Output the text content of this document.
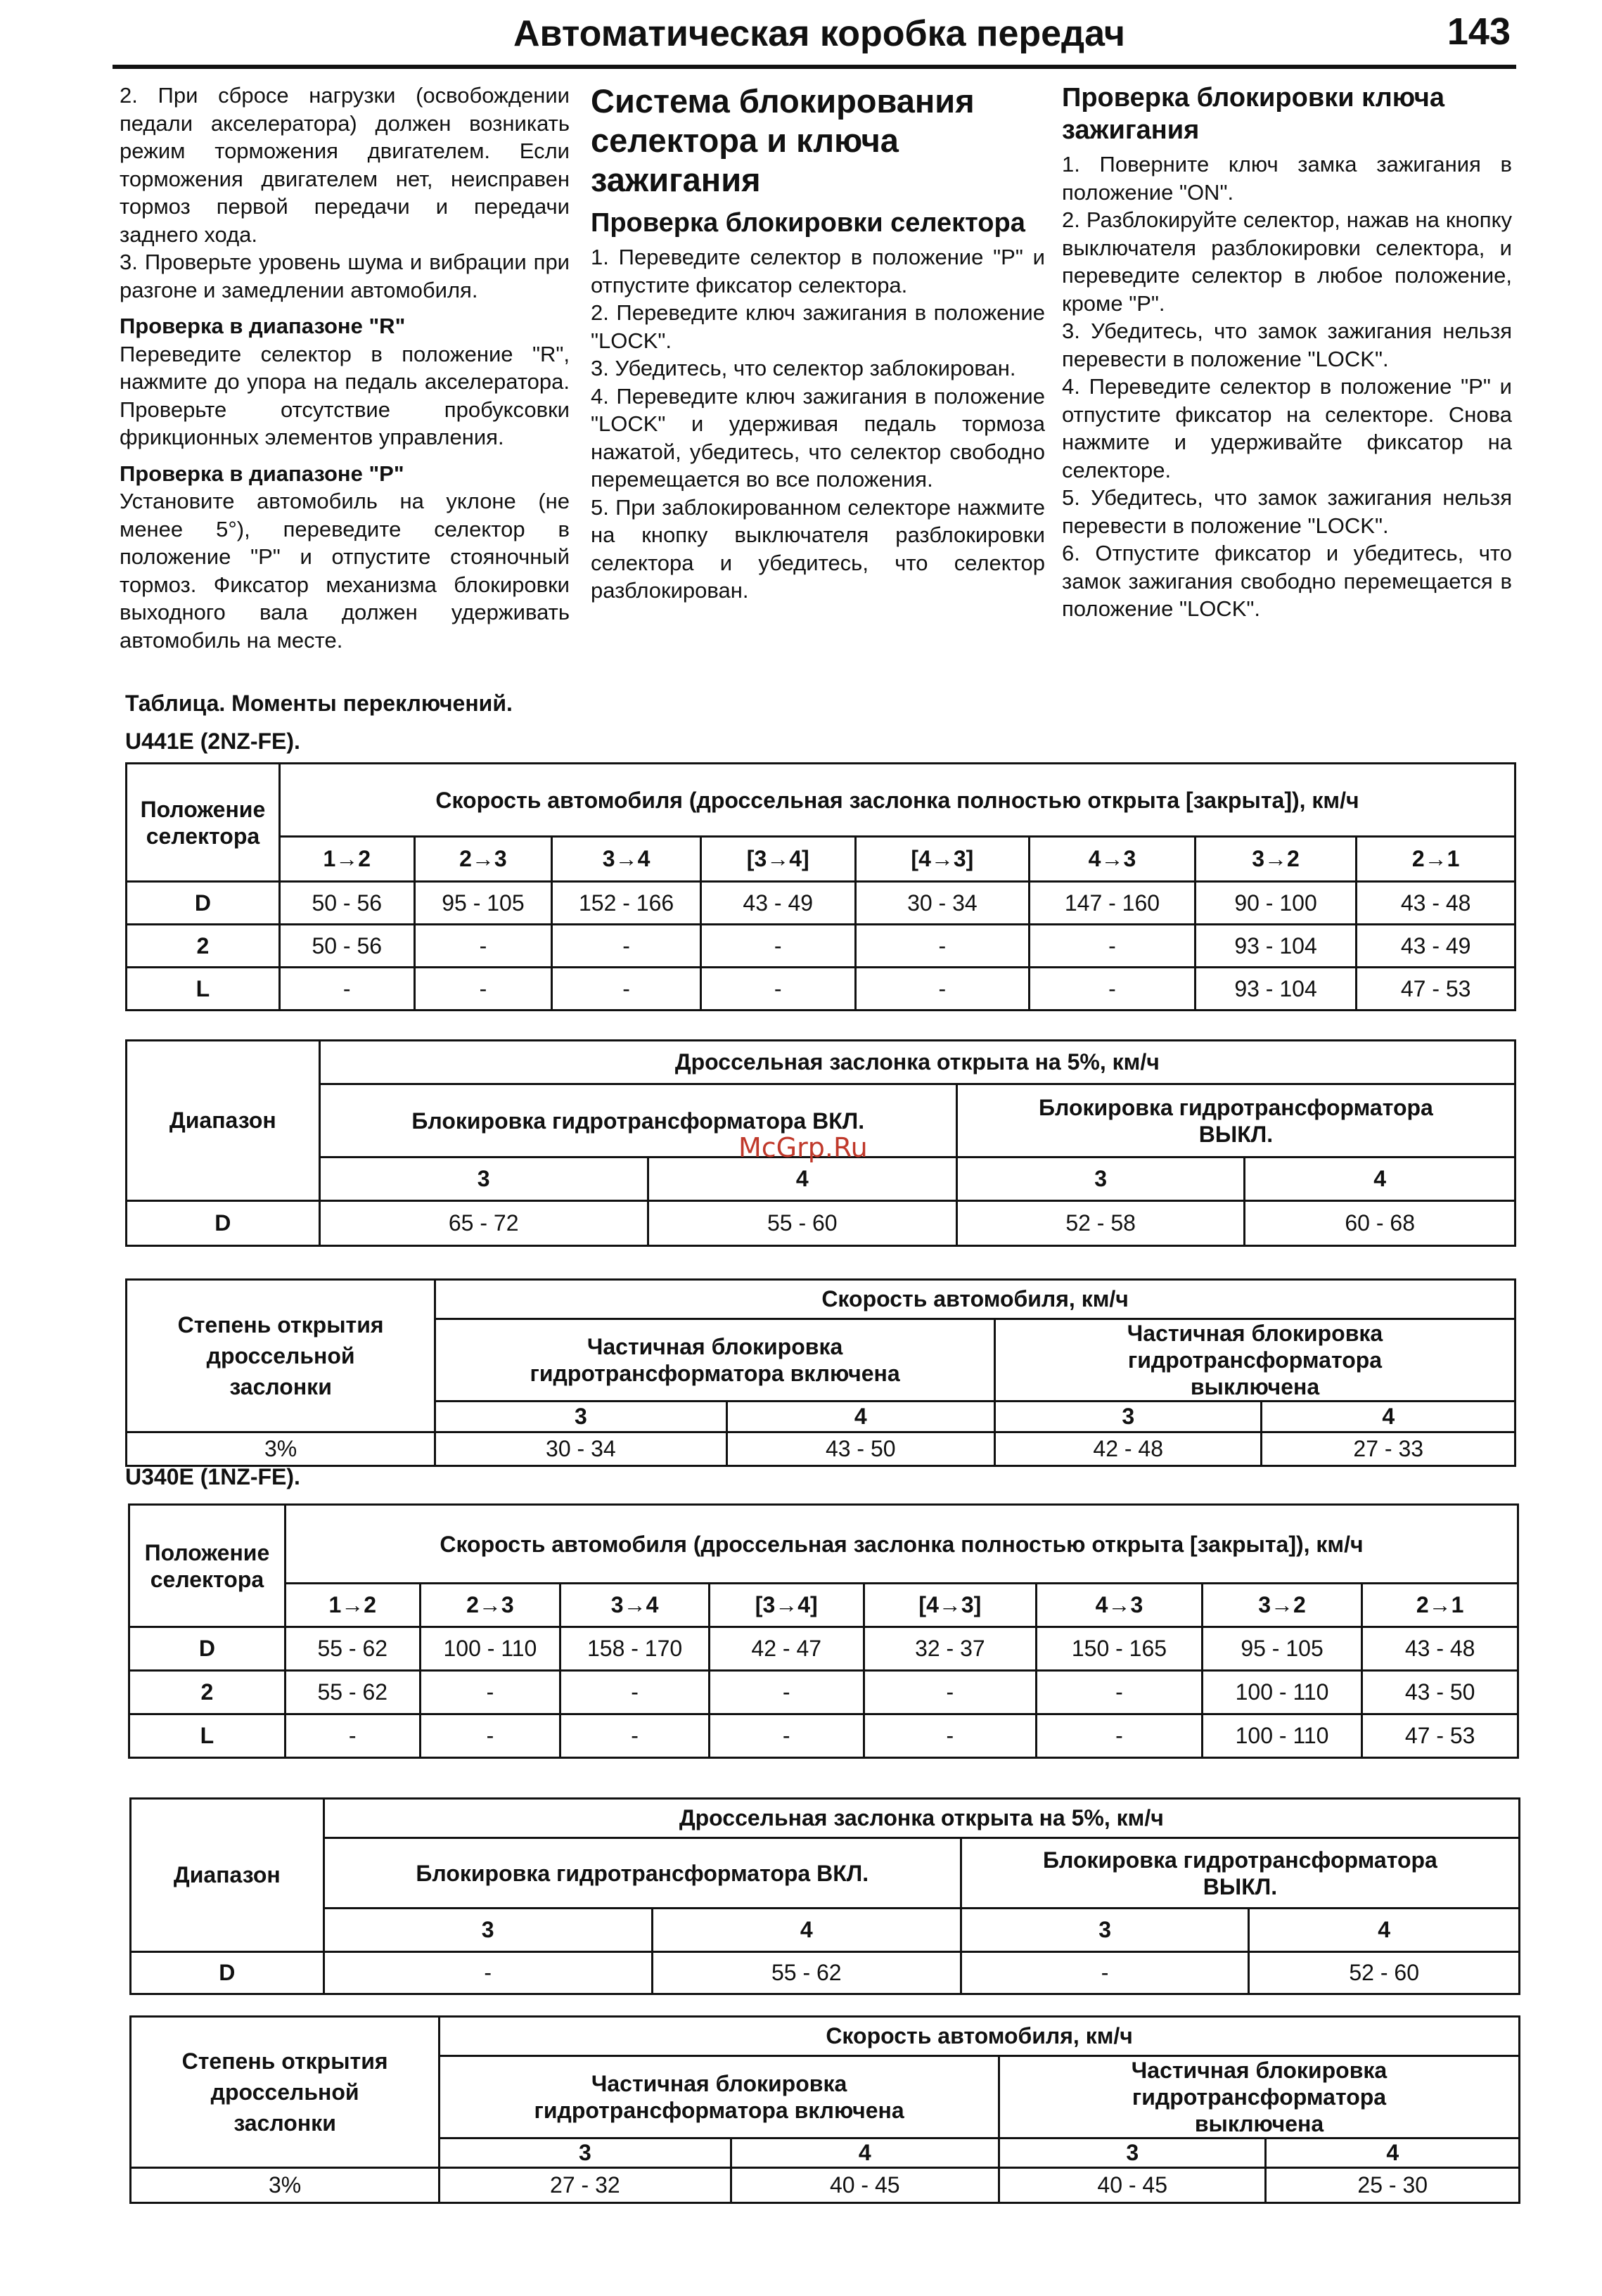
Автоматическая коробка передач	143

2. При сбросе нагрузки (освобождении педали акселератора) должен возникать режим торможения двигателем. Если торможения двигателем нет, неисправен тормоз первой передачи и передачи заднего хода.

3. Проверьте уровень шума и вибрации при разгоне и замедлении автомобиля.

Проверка в диапазоне "R"

Переведите селектор в положение "R", нажмите до упора на педаль акселератора. Проверьте отсутствие пробуксовки фрикционных элементов управления.

Проверка в диапазоне "P"

Установите автомобиль на уклоне (не менее 5°), переведите селектор в положение "P" и отпустите стояночный тормоз. Фиксатор механизма блокировки выходного вала должен удерживать автомобиль на месте.

Система блокирования селектора и ключа зажигания
Проверка блокировки селектора

1. Переведите селектор в положение "P" и отпустите фиксатор селектора.

2. Переведите ключ зажигания в положение "LOCK".

3. Убедитесь, что селектор заблокирован.

4. Переведите ключ зажигания в положение "LOCK" и удерживая педаль тормоза нажатой, убедитесь, что селектор свободно перемещается во все положения.

5. При заблокированном селекторе нажмите на кнопку выключателя разблокировки селектора и убедитесь, что селектор разблокирован.

Проверка блокировки ключа зажигания

1. Поверните ключ замка зажигания в положение "ON".

2. Разблокируйте селектор, нажав на кнопку выключателя разблокировки селектора, и переведите селектор в любое положение, кроме "P".

3. Убедитесь, что замок зажигания нельзя перевести в положение "LOCK".

4. Переведите селектор в положение "P" и отпустите фиксатор на селекторе. Снова нажмите и удерживайте фиксатор на селекторе.

5. Убедитесь, что замок зажигания нельзя перевести в положение "LOCK".

6. Отпустите фиксатор и убедитесь, что замок зажигания свободно перемещается в положение "LOCK".

Таблица. Моменты переключений.
U441E (2NZ-FE).
Положение селектора	Скорость автомобиля (дроссельная заслонка полностью открыта [закрыта]), км/ч							
	1→2	2→3	3→4	[3→4]	[4→3]	4→3	3→2	2→1
D	50 - 56	95 - 105	152 - 166	43 - 49	30 - 34	147 - 160	90 - 100	43 - 48
2	50 - 56	-	-	-	-	-	93 - 104	43 - 49
L	-	-	-	-	-	-	93 - 104	47 - 53
Диапазон	Дроссельная заслонка открыта на 5%, км/ч			
	Блокировка гидротрансформатора ВКЛ.		Блокировка гидротрансформатора ВЫКЛ.	
	3	4	3	4
D	65 - 72	55 - 60	52 - 58	60 - 68
Степень открытия дроссельной заслонки	Скорость автомобиля, км/ч			
	Частичная блокировка гидротрансформатора включена		Частичная блокировка гидротрансформатора выключена	
	3	4	3	4
3%	30 - 34	43 - 50	42 - 48	27 - 33
U340E (1NZ-FE).
Положение селектора	Скорость автомобиля (дроссельная заслонка полностью открыта [закрыта]), км/ч							
	1→2	2→3	3→4	[3→4]	[4→3]	4→3	3→2	2→1
D	55 - 62	100 - 110	158 - 170	42 - 47	32 - 37	150 - 165	95 - 105	43 - 48
2	55 - 62	-	-	-	-	-	100 - 110	43 - 50
L	-	-	-	-	-	-	100 - 110	47 - 53
Диапазон	Дроссельная заслонка открыта на 5%, км/ч			
	Блокировка гидротрансформатора ВКЛ.		Блокировка гидротрансформатора ВЫКЛ.	
	3	4	3	4
D	-	55 - 62	-	52 - 60
Степень открытия дроссельной заслонки	Скорость автомобиля, км/ч			
	Частичная блокировка гидротрансформатора включена		Частичная блокировка гидротрансформатора выключена	
	3	4	3	4
3%	27 - 32	40 - 45	40 - 45	25 - 30
McGrp.Ru
